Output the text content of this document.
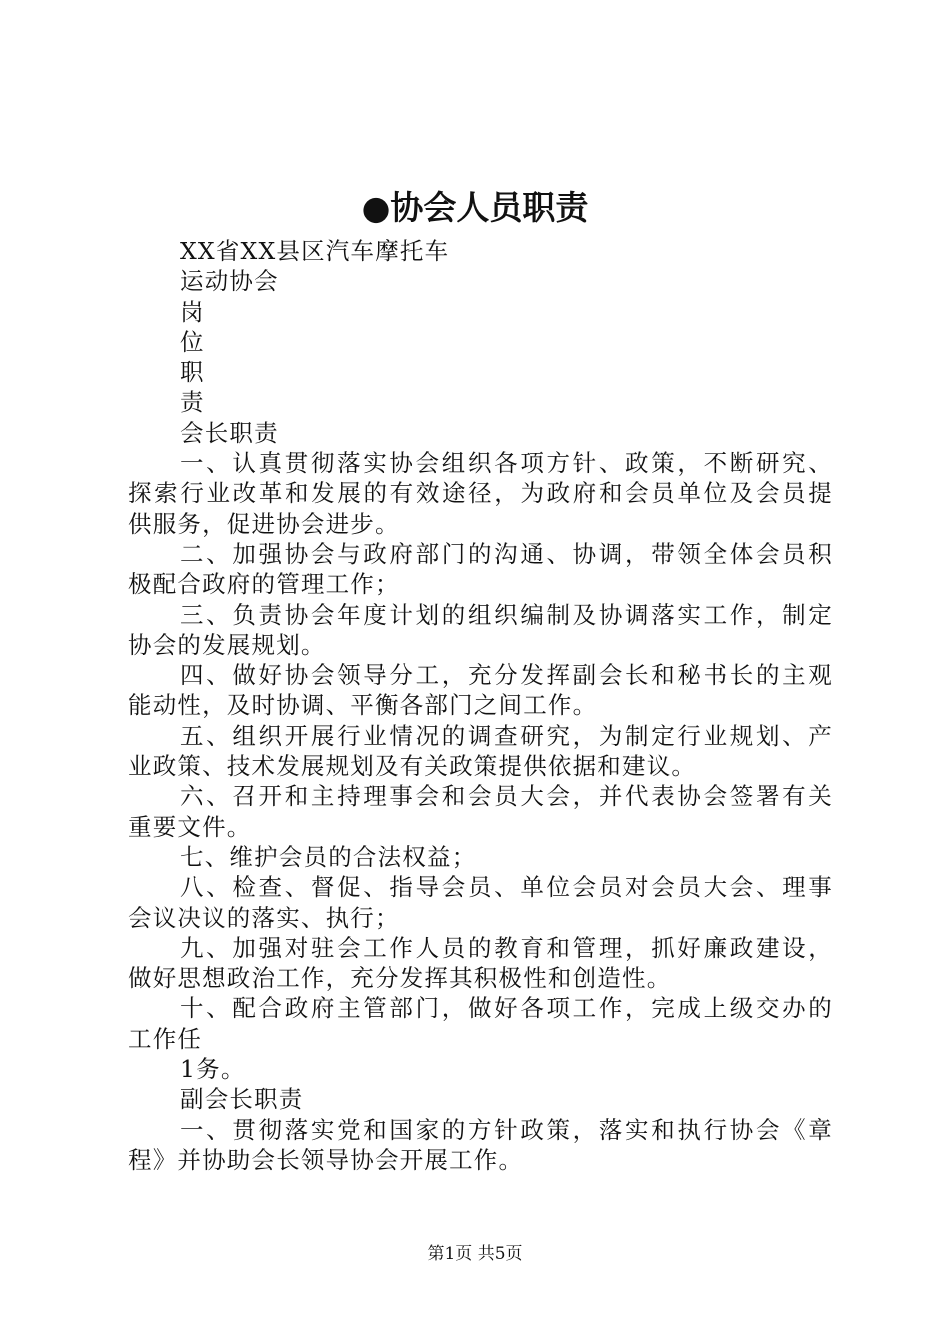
●协会人员职责
XX省XX县区汽车摩托车
运动协会
岗
位
职
责
会长职责
一、认真贯彻落实协会组织各项方针、政策，不断研究、
探索行业改革和发展的有效途径，为政府和会员单位及会员提
供服务，促进协会进步。
二、加强协会与政府部门的沟通、协调，带领全体会员积
极配合政府的管理工作；
三、负责协会年度计划的组织编制及协调落实工作，制定
协会的发展规划。
四、做好协会领导分工，充分发挥副会长和秘书长的主观
能动性，及时协调、平衡各部门之间工作。
五、组织开展行业情况的调查研究，为制定行业规划、产
业政策、技术发展规划及有关政策提供依据和建议。
六、召开和主持理事会和会员大会，并代表协会签署有关
重要文件。
七、维护会员的合法权益；
八、检查、督促、指导会员、单位会员对会员大会、理事
会议决议的落实、执行；
九、加强对驻会工作人员的教育和管理，抓好廉政建设，
做好思想政治工作，充分发挥其积极性和创造性。
十、配合政府主管部门，做好各项工作，完成上级交办的
工作任
1务。
副会长职责
一、贯彻落实党和国家的方针政策，落实和执行协会《章
程》并协助会长领导协会开展工作。
第1页 共5页
